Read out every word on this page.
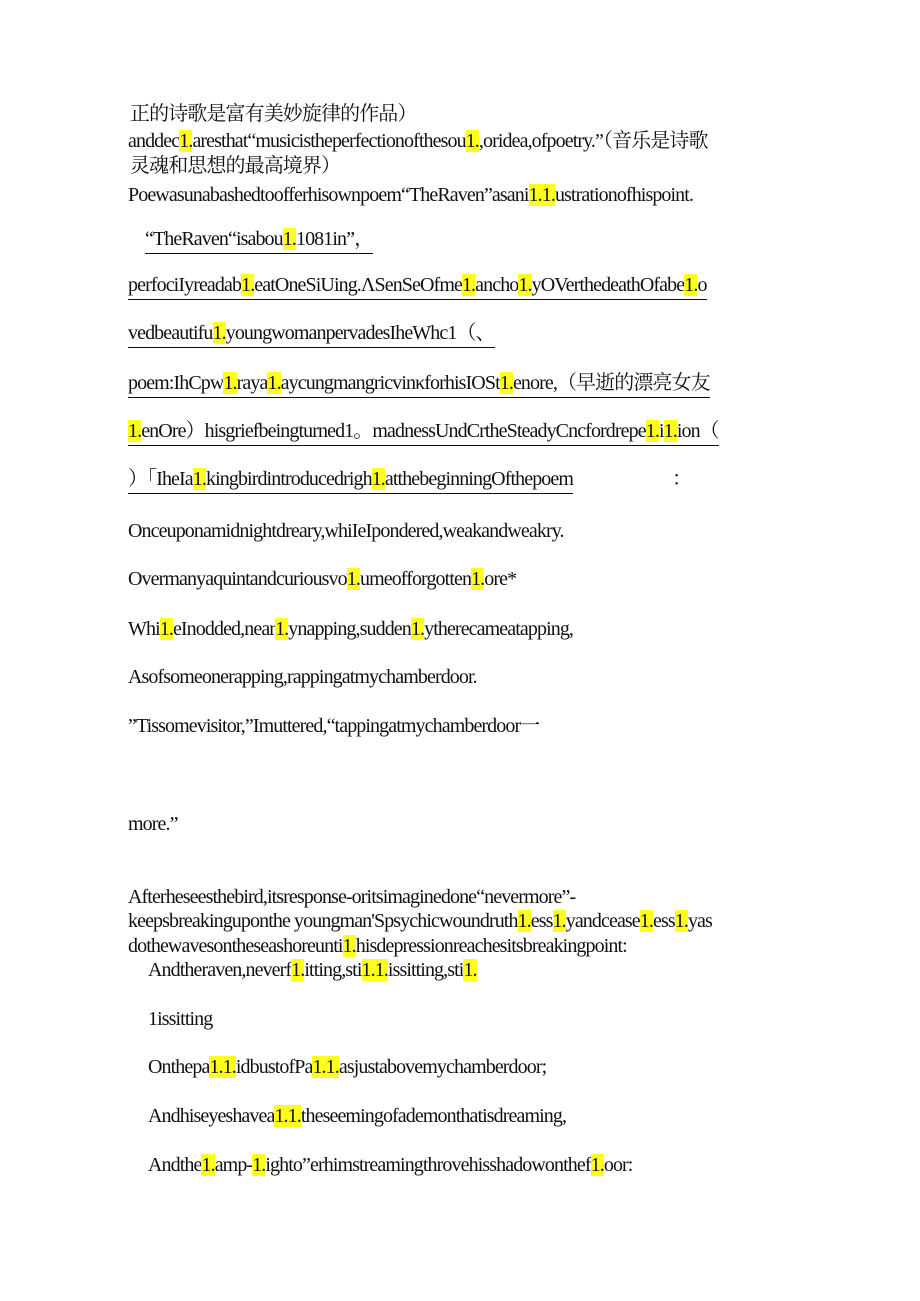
正的诗歌是富有美妙旋律的作品）
anddec1.aresthat“musicistheperfectionofthesou1.,oridea,ofpoetry.”（音乐是诗歌
灵魂和思想的最高境界）
Poewasunabashedtoofferhisownpoem“TheRaven”asani1.1.ustrationofhispoint.
“TheRaven“isabou1.1081in”，
perfociIyreadab1.eatOneSiUing.ΛSenSeOfme1.ancho1.yOVerthedeathOfabe1.o
vedbeautifu1.youngwomanpervadesIheWhc1（、
poem:IhCpw1.raya1.aycungmangricvinκforhisIOSt1.enore,（早逝的漂亮女友
1.enOre）hisgriefbeingturned1。madnessUndCrtheSteadyCncfordrepe1.i1.ion（
）「IheIa1.kingbirdintroducedrigh1.atthebeginningOfthepoem	：
Onceuponamidnightdreary,whiIeIpondered,weakandweakry.
Overmanyaquintandcuriousvo1.umeofforgotten1.ore*
Whi1.eInodded,near1.ynapping,sudden1.ytherecameatapping,
Asofsomeonerapping,rappingatmychamberdoor.
”Tissomevisitor,”Imuttered,“tappingatmychamberdoor一
more.”
Afterheseesthebird,itsresponse-oritsimaginedone“nevermore”-
keepsbreakinguponthe youngman'Spsychicwoundruth1.ess1.yandcease1.ess1.yas
dothewavesontheseashoreunti1.hisdepressionreachesitsbreakingpoint:
Andtheraven,neverf1.itting,sti1.1.issitting,sti1.
1issitting
Onthepa1.1.idbustofPa1.1.asjustabovemychamberdoor;
Andhiseyeshavea1.1.theseemingofademonthatisdreaming,
Andthe1.amp-1.ighto”erhimstreamingthrovehisshadowonthef1.oor:
